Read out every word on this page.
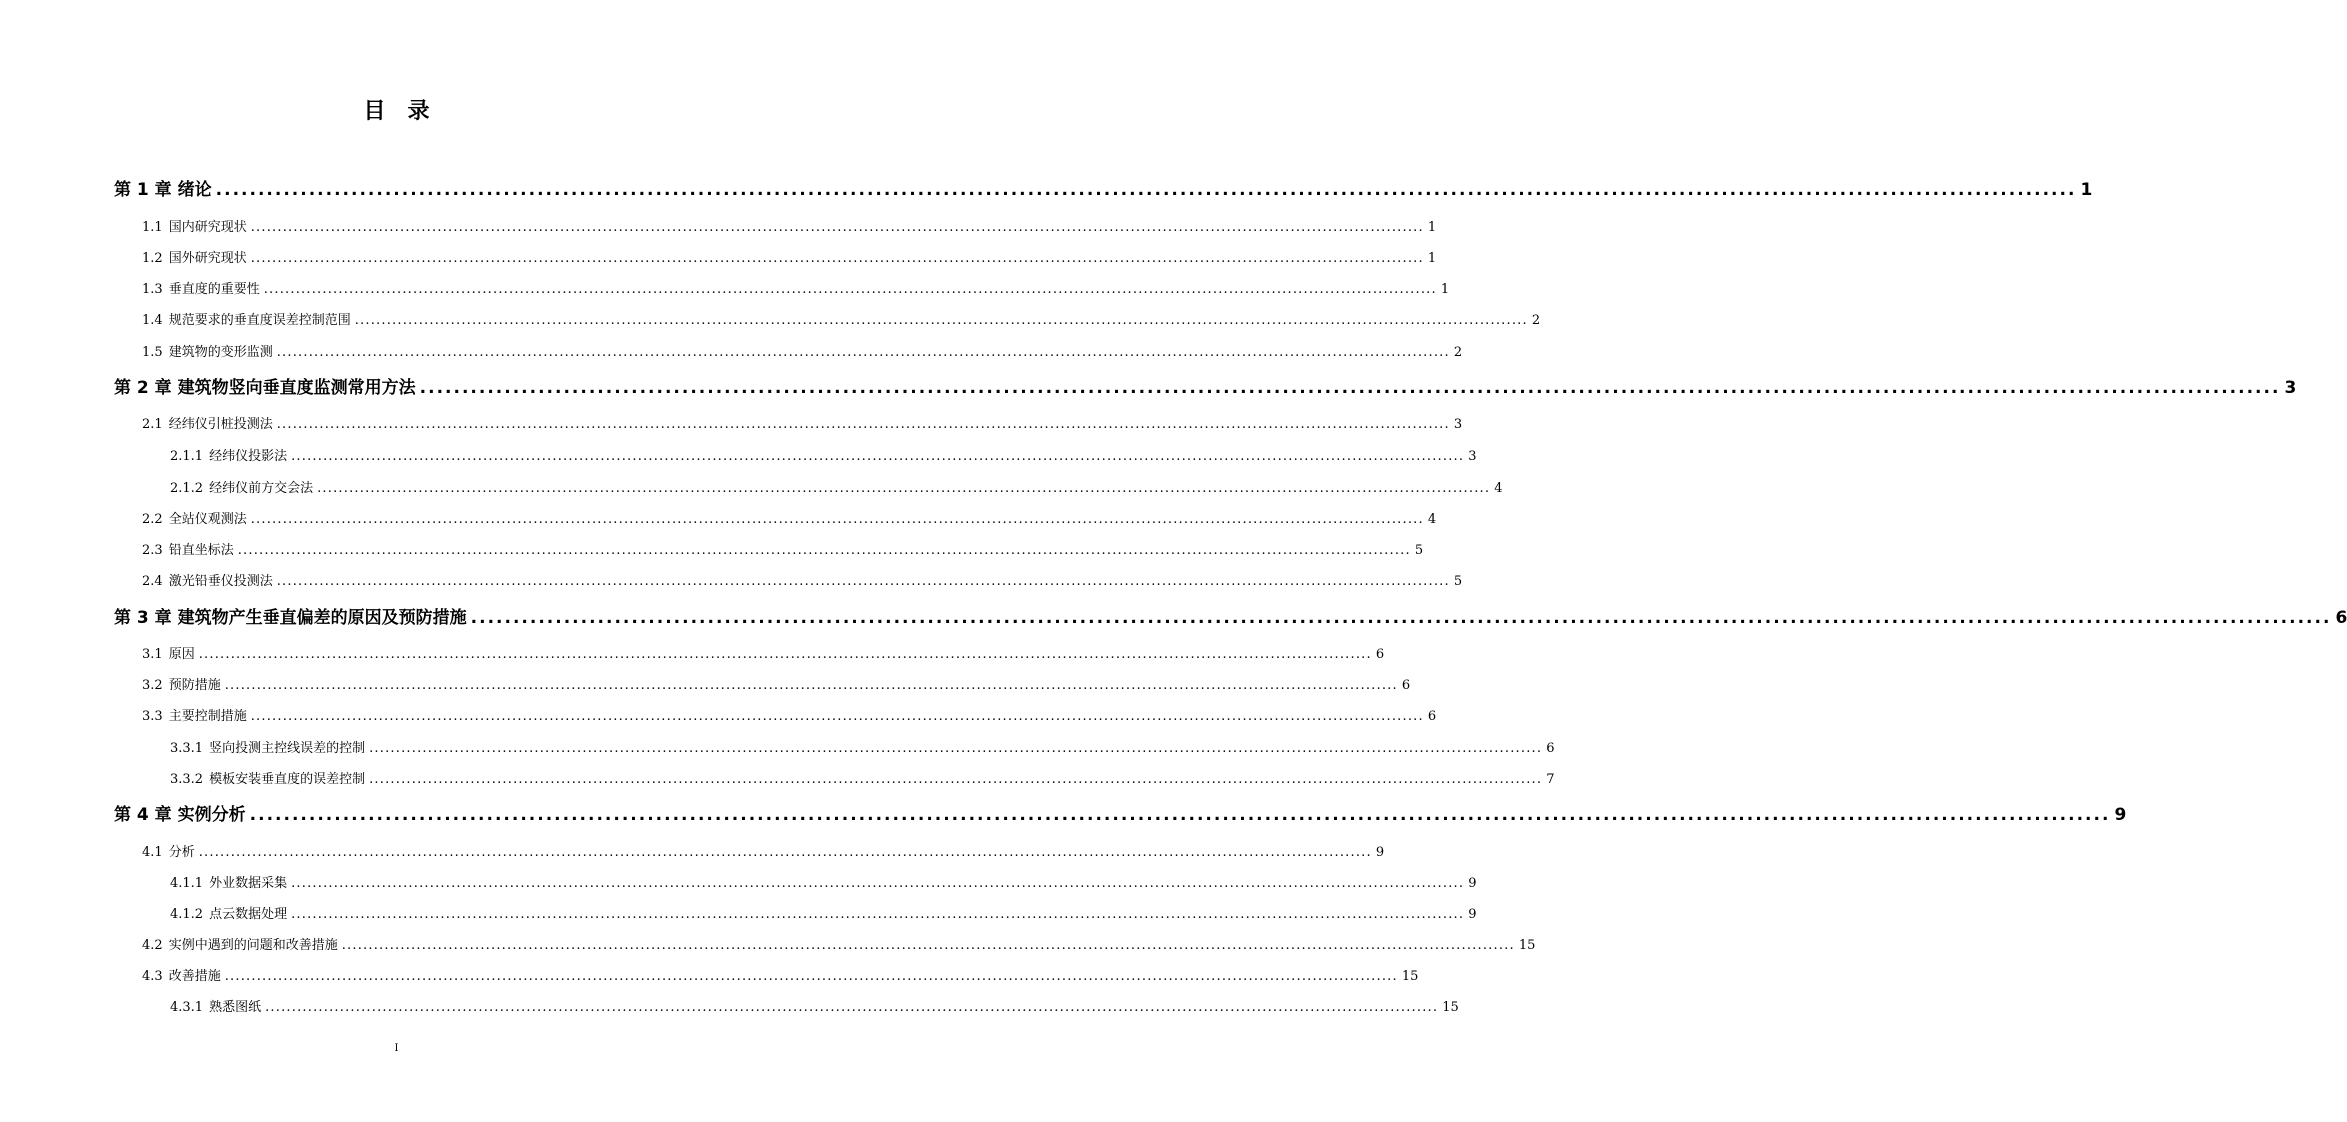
目 录
第 1 章 绪论 ............................................................................................................................................................................................................................ 1
1.1 国内研究现状 ............................................................................................................................................................................................................................ 1
1.2 国外研究现状 ............................................................................................................................................................................................................................ 1
1.3 垂直度的重要性 ............................................................................................................................................................................................................................ 1
1.4 规范要求的垂直度误差控制范围 ............................................................................................................................................................................................................................ 2
1.5 建筑物的变形监测 ............................................................................................................................................................................................................................ 2
第 2 章 建筑物竖向垂直度监测常用方法 ............................................................................................................................................................................................................................ 3
2.1 经纬仪引桩投测法 ............................................................................................................................................................................................................................ 3
2.1.1 经纬仪投影法 ............................................................................................................................................................................................................................ 3
2.1.2 经纬仪前方交会法 ............................................................................................................................................................................................................................ 4
2.2 全站仪观测法 ............................................................................................................................................................................................................................ 4
2.3 铅直坐标法 ............................................................................................................................................................................................................................ 5
2.4 激光铅垂仪投测法 ............................................................................................................................................................................................................................ 5
第 3 章 建筑物产生垂直偏差的原因及预防措施 ............................................................................................................................................................................................................................ 6
3.1 原因 ............................................................................................................................................................................................................................ 6
3.2 预防措施 ............................................................................................................................................................................................................................ 6
3.3 主要控制措施 ............................................................................................................................................................................................................................ 6
3.3.1 竖向投测主控线误差的控制 ............................................................................................................................................................................................................................ 6
3.3.2 模板安装垂直度的误差控制 ............................................................................................................................................................................................................................ 7
第 4 章 实例分析 ............................................................................................................................................................................................................................ 9
4.1 分析 ............................................................................................................................................................................................................................ 9
4.1.1 外业数据采集 ............................................................................................................................................................................................................................ 9
4.1.2 点云数据处理 ............................................................................................................................................................................................................................ 9
4.2 实例中遇到的问题和改善措施 ............................................................................................................................................................................................................................ 15
4.3 改善措施 ............................................................................................................................................................................................................................ 15
4.3.1 熟悉图纸 ............................................................................................................................................................................................................................ 15
I
